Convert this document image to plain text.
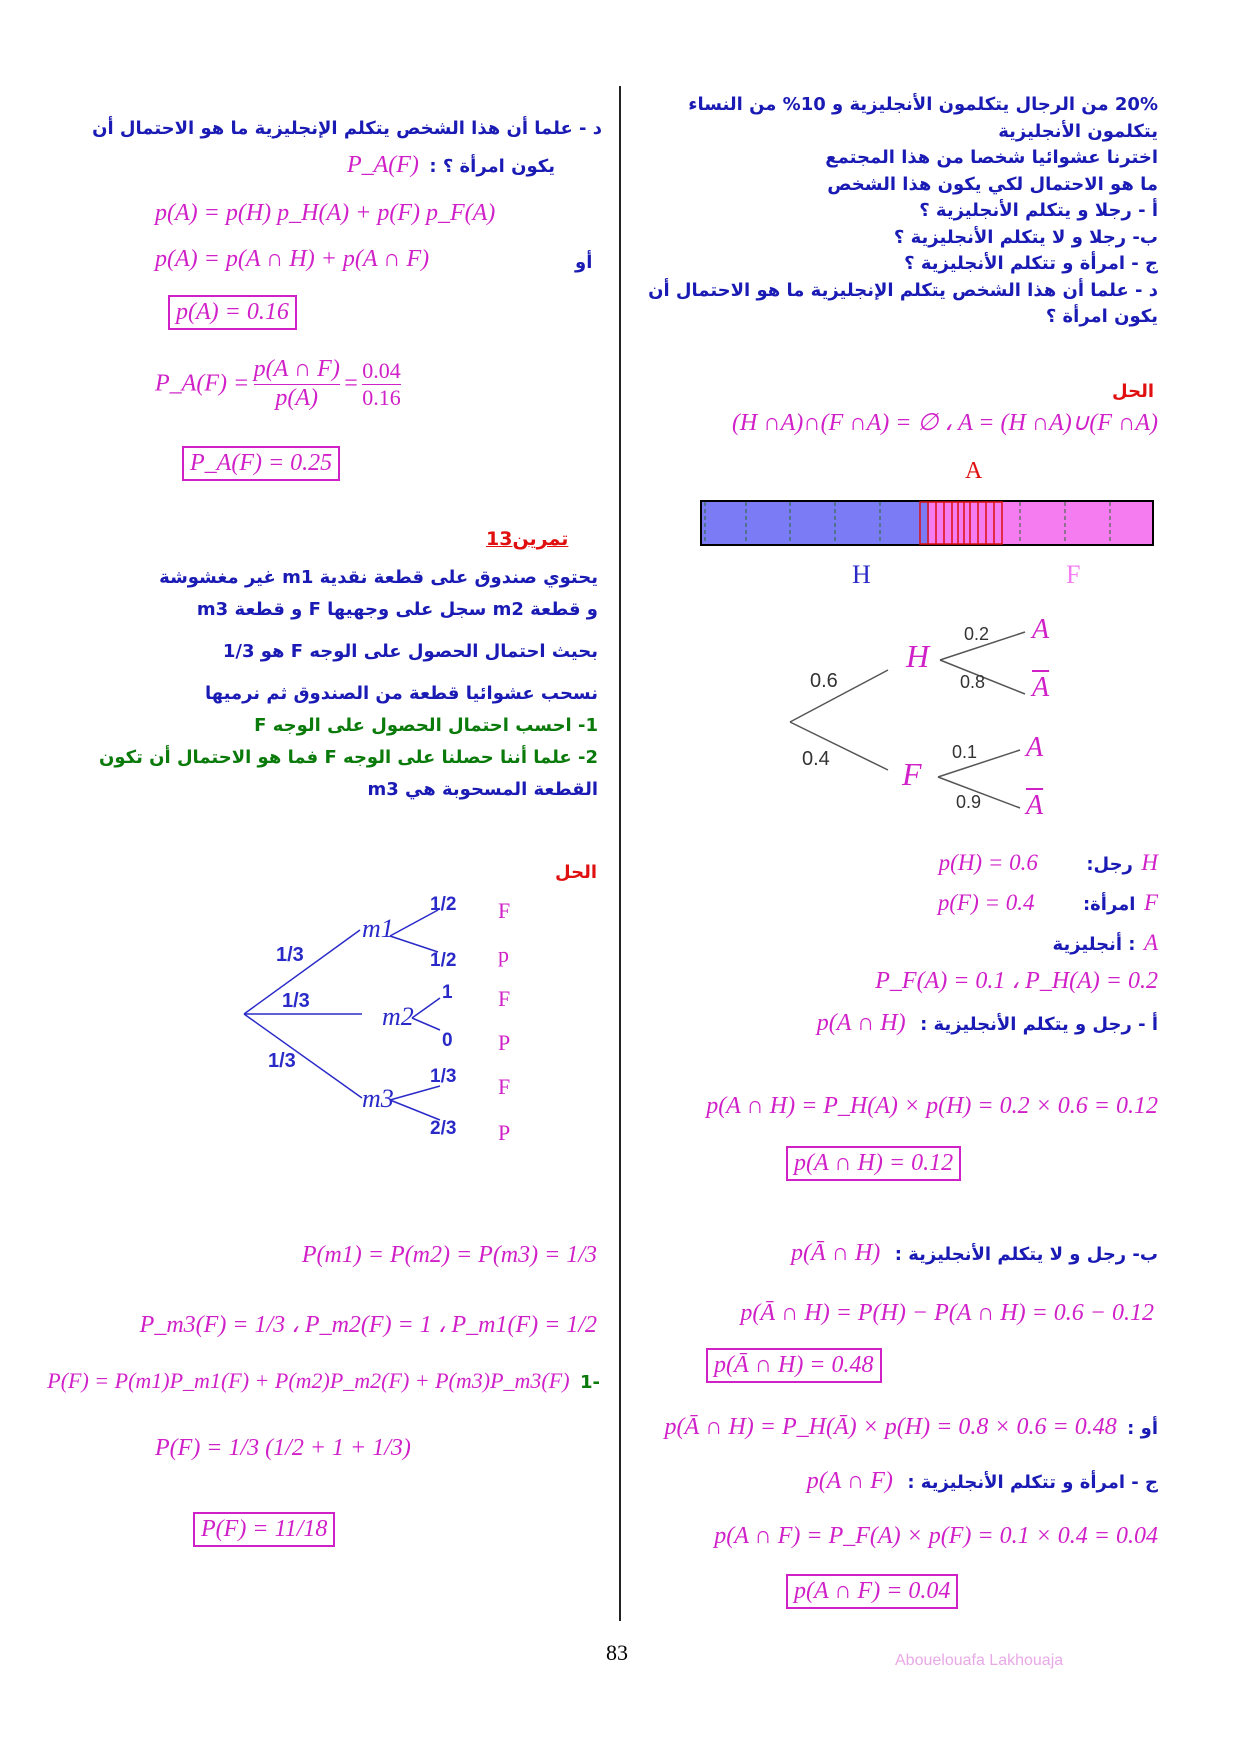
20% من الرجال يتكلمون الأنجليزية و 10% من النساء
يتكلمون الأنجليزية
اخترنا عشوائيا شخصا من هذا المجتمع
ما هو الاحتمال لكي يكون هذا الشخص
أ - رجلا و يتكلم الأنجليزية ؟
ب- رجلا و لا يتكلم الأنجليزية ؟
ج - امرأة و تتكلم الأنجليزية ؟
د - علما أن هذا الشخص يتكلم الإنجليزية ما هو الاحتمال أن
يكون امرأة ؟
الحل
(H ∩A)∩(F ∩A) = ∅ ، A = (H ∩A)∪(F ∩A)
A
H	F
0.6
0.4
H
F
0.2
0.8
0.1
0.9
A
$\overline{A}$
A
$\overline{A}$
H رجل: p(H) = 0.6
F امرأة: p(F) = 0.4
A : أنجليزية
P_F(A) = 0.1 ، P_H(A) = 0.2
أ - رجل و يتكلم الأنجليزية : p(A ∩ H)
p(A ∩ H) = P_H(A) × p(H) = 0.2 × 0.6 = 0.12
p(A ∩ H) = 0.12
ب- رجل و لا يتكلم الأنجليزية : p(Ā ∩ H)
p(Ā ∩ H) = P(H) − P(A ∩ H) = 0.6 − 0.12
p(Ā ∩ H) = 0.48
أو : p(Ā ∩ H) = P_H(Ā) × p(H) = 0.8 × 0.6 = 0.48
ج - امرأة و تتكلم الأنجليزية : p(A ∩ F)
p(A ∩ F) = P_F(A) × p(F) = 0.1 × 0.4 = 0.04
p(A ∩ F) = 0.04
د - علما أن هذا الشخص يتكلم الإنجليزية ما هو الاحتمال أن
يكون امرأة ؟ : P_A(F)
p(A) = p(H) p_H(A) + p(F) p_F(A)
أو
p(A) = p(A ∩ H) + p(A ∩ F)
p(A) = 0.16
P_A(F) = $\frac{p(A \cap F)}{p(A)} = \frac{0.04}{0.16}$
P_A(F) = 0.25
تمرين13
يحتوي صندوق على قطعة نقدية m1 غير مغشوشة
و قطعة m2 سجل على وجهيها F و قطعة m3
بحيث احتمال الحصول على الوجه F هو 1/3
نسحب عشوائيا قطعة من الصندوق ثم نرميها
1- احسب احتمال الحصول على الوجه F
2- علما أننا حصلنا على الوجه F فما هو الاحتمال أن تكون
القطعة المسحوبة هي m3
الحل
1/3
1/3
1/3
m1
m2
m3
1/2
1/2
1
0
1/3
2/3
F
p
F
P
F
P
P(m1) = P(m2) = P(m3) = 1/3
P_m3(F) = 1/3 ، P_m2(F) = 1 ، P_m1(F) = 1/2
-1 P(F) = P(m1)P_m1(F) + P(m2)P_m2(F) + P(m3)P_m3(F)
P(F) = 1/3 (1/2 + 1 + 1/3)
P(F) = 11/18
83	Abouelouafa Lakhouaja
